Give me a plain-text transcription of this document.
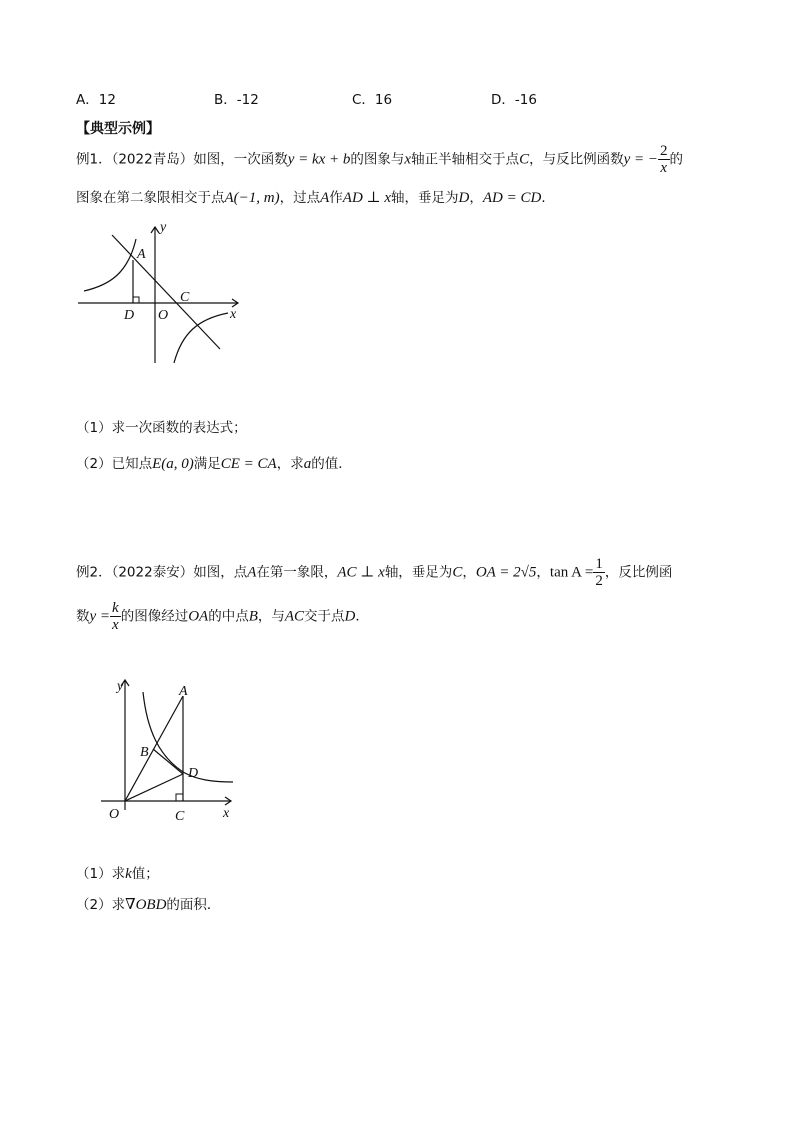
A．12	B．-12	C．16	D．-16
【典型示例】
例1．（2022青岛）如图，一次函数y = kx + b的图象与x轴正半轴相交于点C，与反比例函数y = − $\frac{2}{x}$ 的
图象在第二象限相交于点A(−1, m)，过点A作AD ⊥ x轴，垂足为D，AD = CD．
y
A
C
D O	x
（1）求一次函数的表达式；
（2）已知点E(a, 0)满足CE = CA，求a的值．
例2．（2022泰安）如图，点A在第一象限，AC ⊥ x轴，垂足为C，OA = 2√5，$\tan A = \frac{1}{2}$ ，反比例函
数$y = \frac{k}{x}$ 的图像经过OA的中点B，与AC交于点D．
y	A
B
D
O	C	x
（1）求k值；
（2）求∇OBD的面积．
